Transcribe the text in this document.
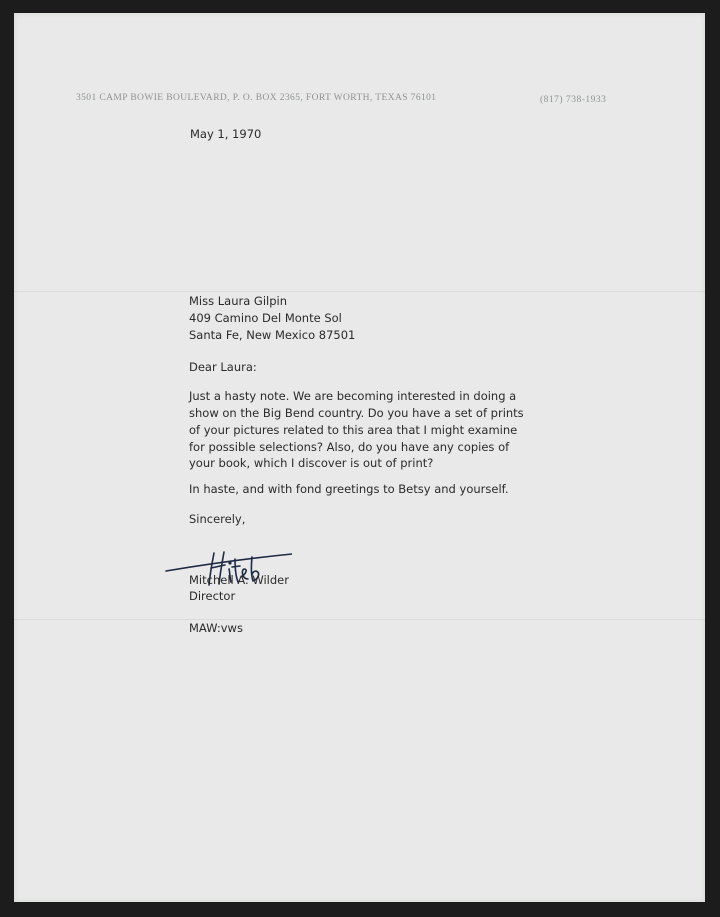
3501 CAMP BOWIE BOULEVARD, P. O. BOX 2365, FORT WORTH, TEXAS 76101	(817) 738-1933
May 1, 1970
Miss Laura Gilpin
409 Camino Del Monte Sol
Santa Fe, New Mexico 87501
Dear Laura:
Just a hasty note. We are becoming interested in doing a
show on the Big Bend country. Do you have a set of prints
of your pictures related to this area that I might examine
for possible selections? Also, do you have any copies of
your book, which I discover is out of print?
In haste, and with fond greetings to Betsy and yourself.
Sincerely,
Mitchell A. Wilder
Director
MAW:vws
